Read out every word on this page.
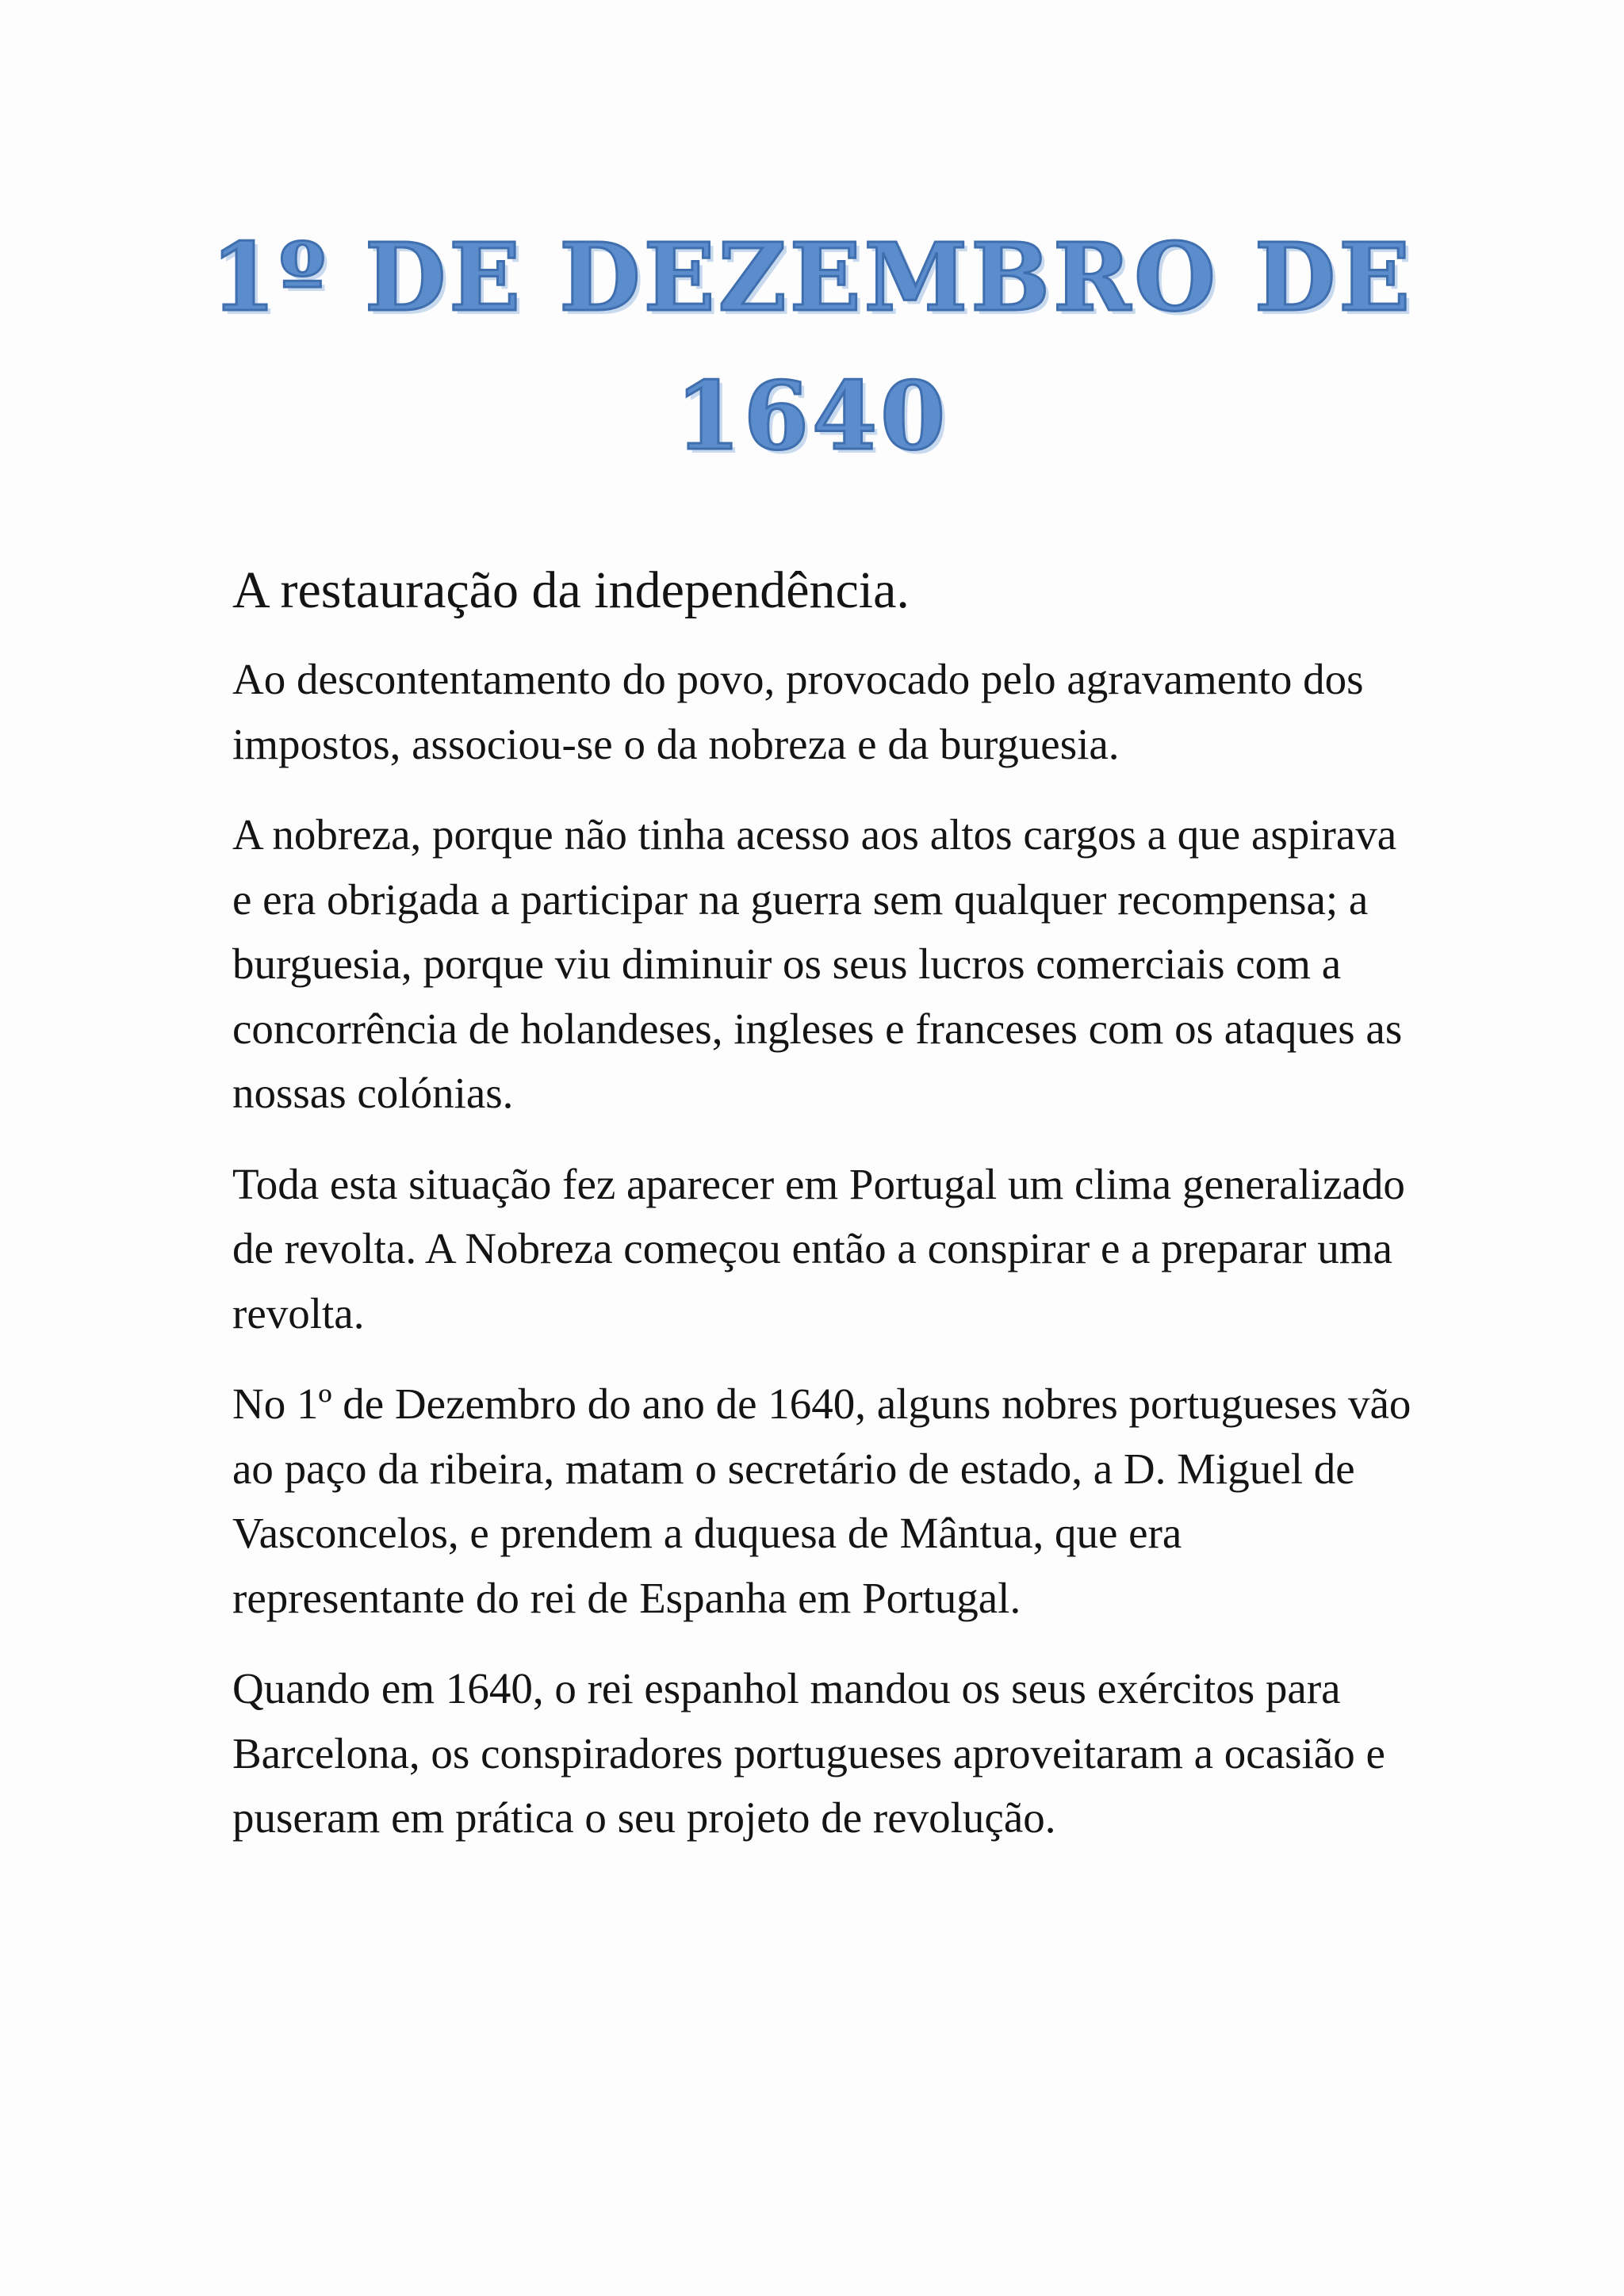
1º DE DEZEMBRO DE
1640
A restauração da independência.

Ao descontentamento do povo, provocado pelo agravamento dos impostos, associou-se o da nobreza e da burguesia.

A nobreza, porque não tinha acesso aos altos cargos a que aspirava e era obrigada a participar na guerra sem qualquer recompensa; a burguesia, porque viu diminuir os seus lucros comerciais com a concorrência de holandeses, ingleses e franceses com os ataques as nossas colónias.

Toda esta situação fez aparecer em Portugal um clima generalizado de revolta. A Nobreza começou então a conspirar e a preparar uma revolta.

No 1º de Dezembro do ano de 1640, alguns nobres portugueses vão ao paço da ribeira, matam o secretário de estado, a D. Miguel de Vasconcelos, e prendem a duquesa de Mântua, que era representante do rei de Espanha em Portugal.

Quando em 1640, o rei espanhol mandou os seus exércitos para Barcelona, os conspiradores portugueses aproveitaram a ocasião e puseram em prática o seu projeto de revolução.
